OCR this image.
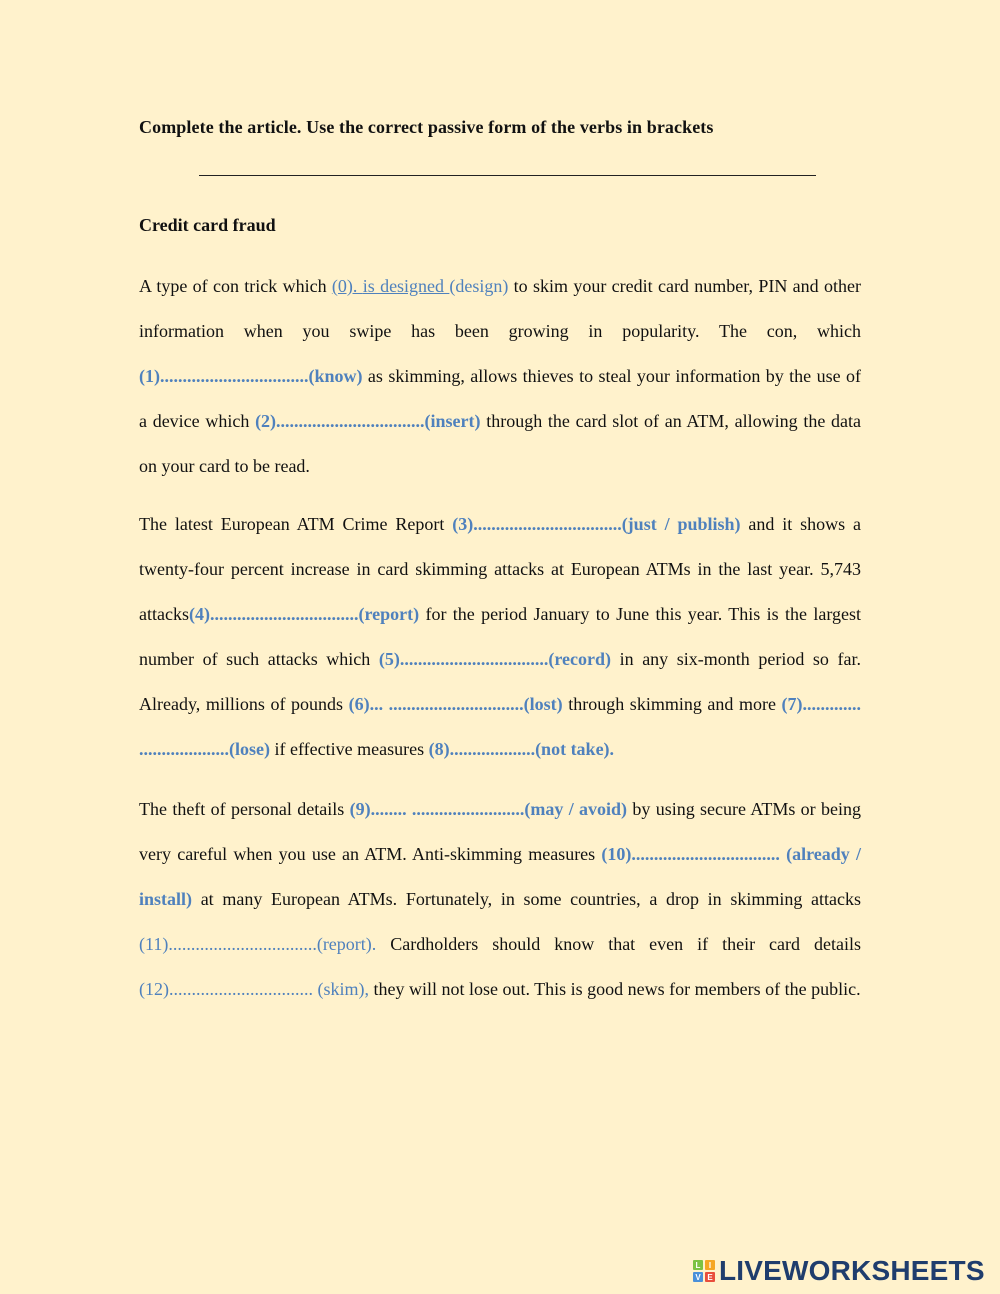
Complete the article. Use the correct passive form of the verbs in brackets
Credit card fraud
A type of con trick which (0). is designed (design) to skim your credit card number, PIN and other information when you swipe has been growing in popularity. The con, which (1).................................(know) as skimming, allows thieves to steal your information by the use of a device which (2).................................(insert) through the card slot of an ATM, allowing the data on your card to be read.
The latest European ATM Crime Report (3).................................(just / publish) and it shows a twenty-four percent increase in card skimming attacks at European ATMs in the last year. 5,743 attacks(4).................................(report) for the period January to June this year. This is the largest number of such attacks which (5).................................(record) in any six-month period so far. Already, millions of pounds (6)... ..............................(lost) through skimming and more (7)............. ....................(lose) if effective measures (8)...................(not take).
The theft of personal details (9)........ .........................(may / avoid) by using secure ATMs or being very careful when you use an ATM. Anti-skimming measures (10)................................. (already / install) at many European ATMs. Fortunately, in some countries, a drop in skimming attacks (11).................................(report). Cardholders should know that even if their card details (12)................................ (skim), they will not lose out. This is good news for members of the public.
L	I
V E LIVEWORKSHEETS
